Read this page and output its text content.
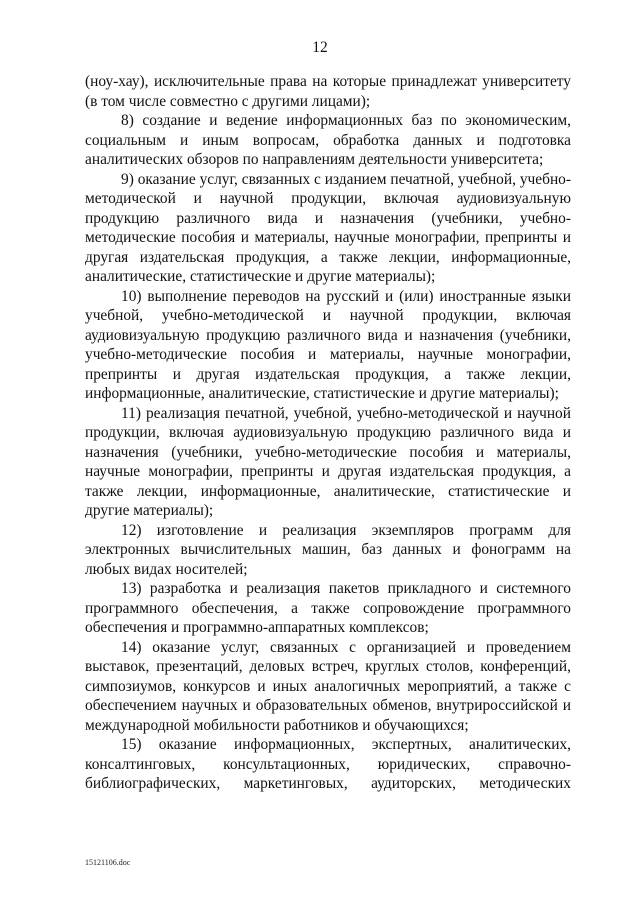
12

(ноу-хау), исключительные права на которые принадлежат университету (в том числе совместно с другими лицами);

8) создание и ведение информационных баз по экономическим, социальным и иным вопросам, обработка данных и подготовка аналитических обзоров по направлениям деятельности университета;

9) оказание услуг, связанных с изданием печатной, учебной, учебно-методической и научной продукции, включая аудиовизуальную продукцию различного вида и назначения (учебники, учебно-методические пособия и материалы, научные монографии, препринты и другая издательская продукция, а также лекции, информационные, аналитические, статистические и другие материалы);

10) выполнение переводов на русский и (или) иностранные языки учебной, учебно-методической и научной продукции, включая аудиовизуальную продукцию различного вида и назначения (учебники, учебно-методические пособия и материалы, научные монографии, препринты и другая издательская продукция, а также лекции, информационные, аналитические, статистические и другие материалы);

11) реализация печатной, учебной, учебно-методической и научной продукции, включая аудиовизуальную продукцию различного вида и назначения (учебники, учебно-методические пособия и материалы, научные монографии, препринты и другая издательская продукция, а также лекции, информационные, аналитические, статистические и другие материалы);

12) изготовление и реализация экземпляров программ для электронных вычислительных машин, баз данных и фонограмм на любых видах носителей;

13) разработка и реализация пакетов прикладного и системного программного обеспечения, а также сопровождение программного обеспечения и программно-аппаратных комплексов;

14) оказание услуг, связанных с организацией и проведением выставок, презентаций, деловых встреч, круглых столов, конференций, симпозиумов, конкурсов и иных аналогичных мероприятий, а также с обеспечением научных и образовательных обменов, внутрироссийской и международной мобильности работников и обучающихся;

15) оказание информационных, экспертных, аналитических, консалтинговых, консультационных, юридических, справочно-библиографических, маркетинговых, аудиторских, методических

15121106.doc
